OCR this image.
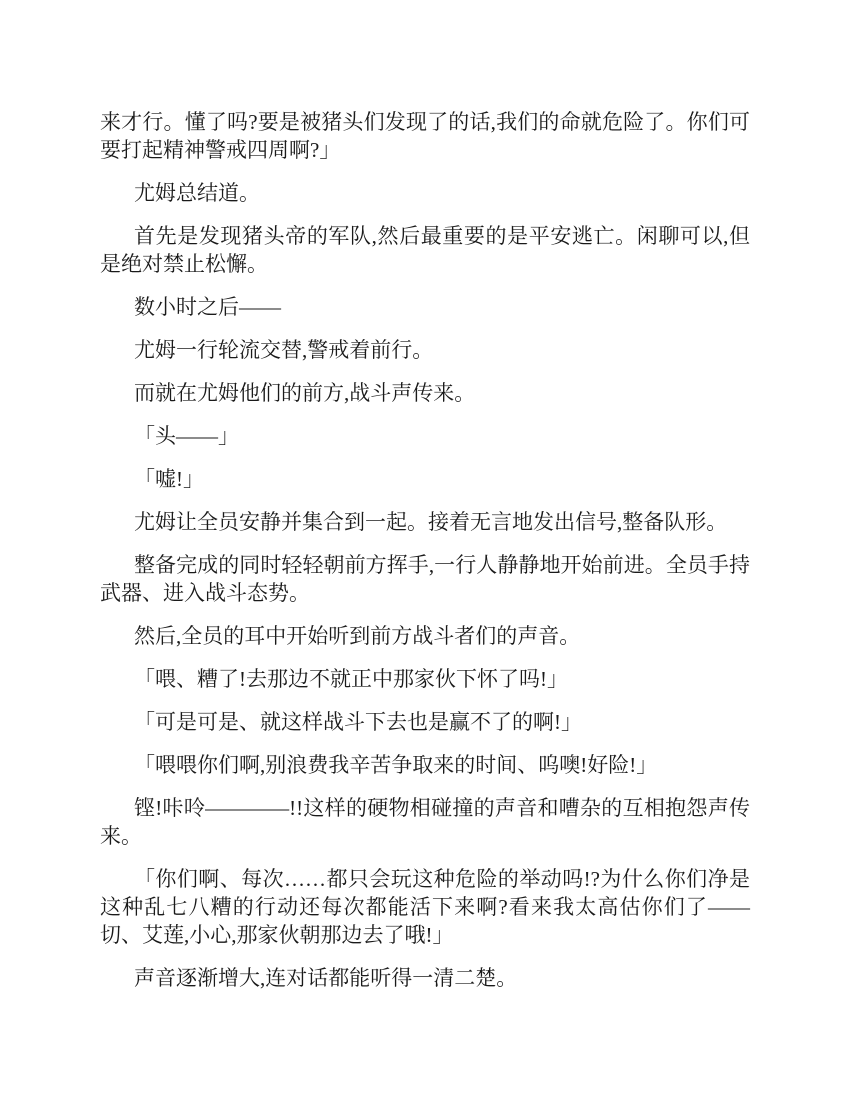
来才行。懂了吗?要是被猪头们发现了的话,我们的命就危险了。你们可要打起精神警戒四周啊?」

尤姆总结道。

首先是发现猪头帝的军队,然后最重要的是平安逃亡。闲聊可以,但是绝对禁止松懈。

数小时之后——

尤姆一行轮流交替,警戒着前行。

而就在尤姆他们的前方,战斗声传来。

「头——」

「嘘!」

尤姆让全员安静并集合到一起。接着无言地发出信号,整备队形。

整备完成的同时轻轻朝前方挥手,一行人静静地开始前进。全员手持武器、进入战斗态势。

然后,全员的耳中开始听到前方战斗者们的声音。

「喂、糟了!去那边不就正中那家伙下怀了吗!」

「可是可是、就这样战斗下去也是赢不了的啊!」

「喂喂你们啊,别浪费我辛苦争取来的时间、呜噢!好险!」

铿!咔呤————!!这样的硬物相碰撞的声音和嘈杂的互相抱怨声传来。

「你们啊、每次……都只会玩这种危险的举动吗!?为什么你们净是这种乱七八糟的行动还每次都能活下来啊?看来我太高估你们了——切、艾莲,小心,那家伙朝那边去了哦!」

声音逐渐增大,连对话都能听得一清二楚。
